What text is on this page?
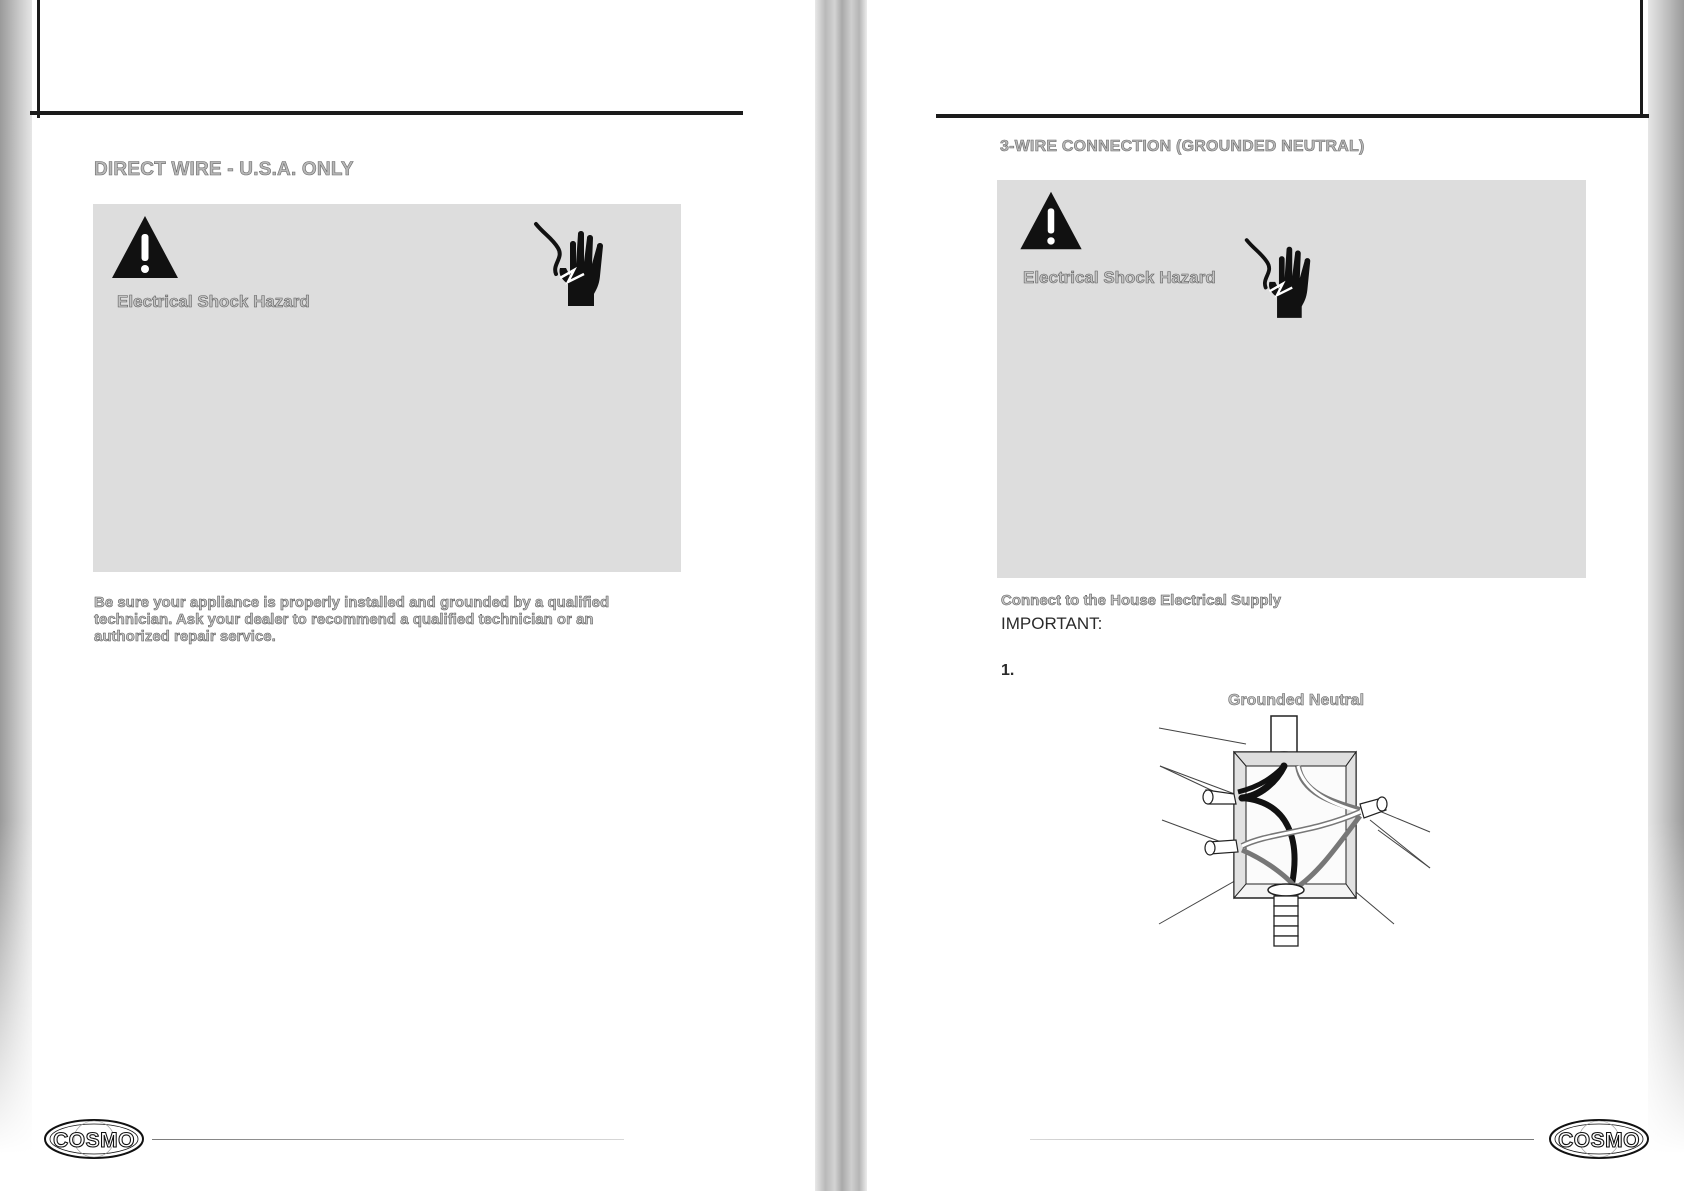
DIRECT WIRE - U.S.A. ONLY
Electrical Shock Hazard
Be sure your appliance is properly installed and grounded by a qualified technician. Ask your dealer to recommend a qualified technician or an authorized repair service.
3-WIRE CONNECTION (GROUNDED NEUTRAL)
Electrical Shock Hazard
Connect to the House Electrical Supply
IMPORTANT:
1.
Grounded Neutral
COSMO	COSMO
